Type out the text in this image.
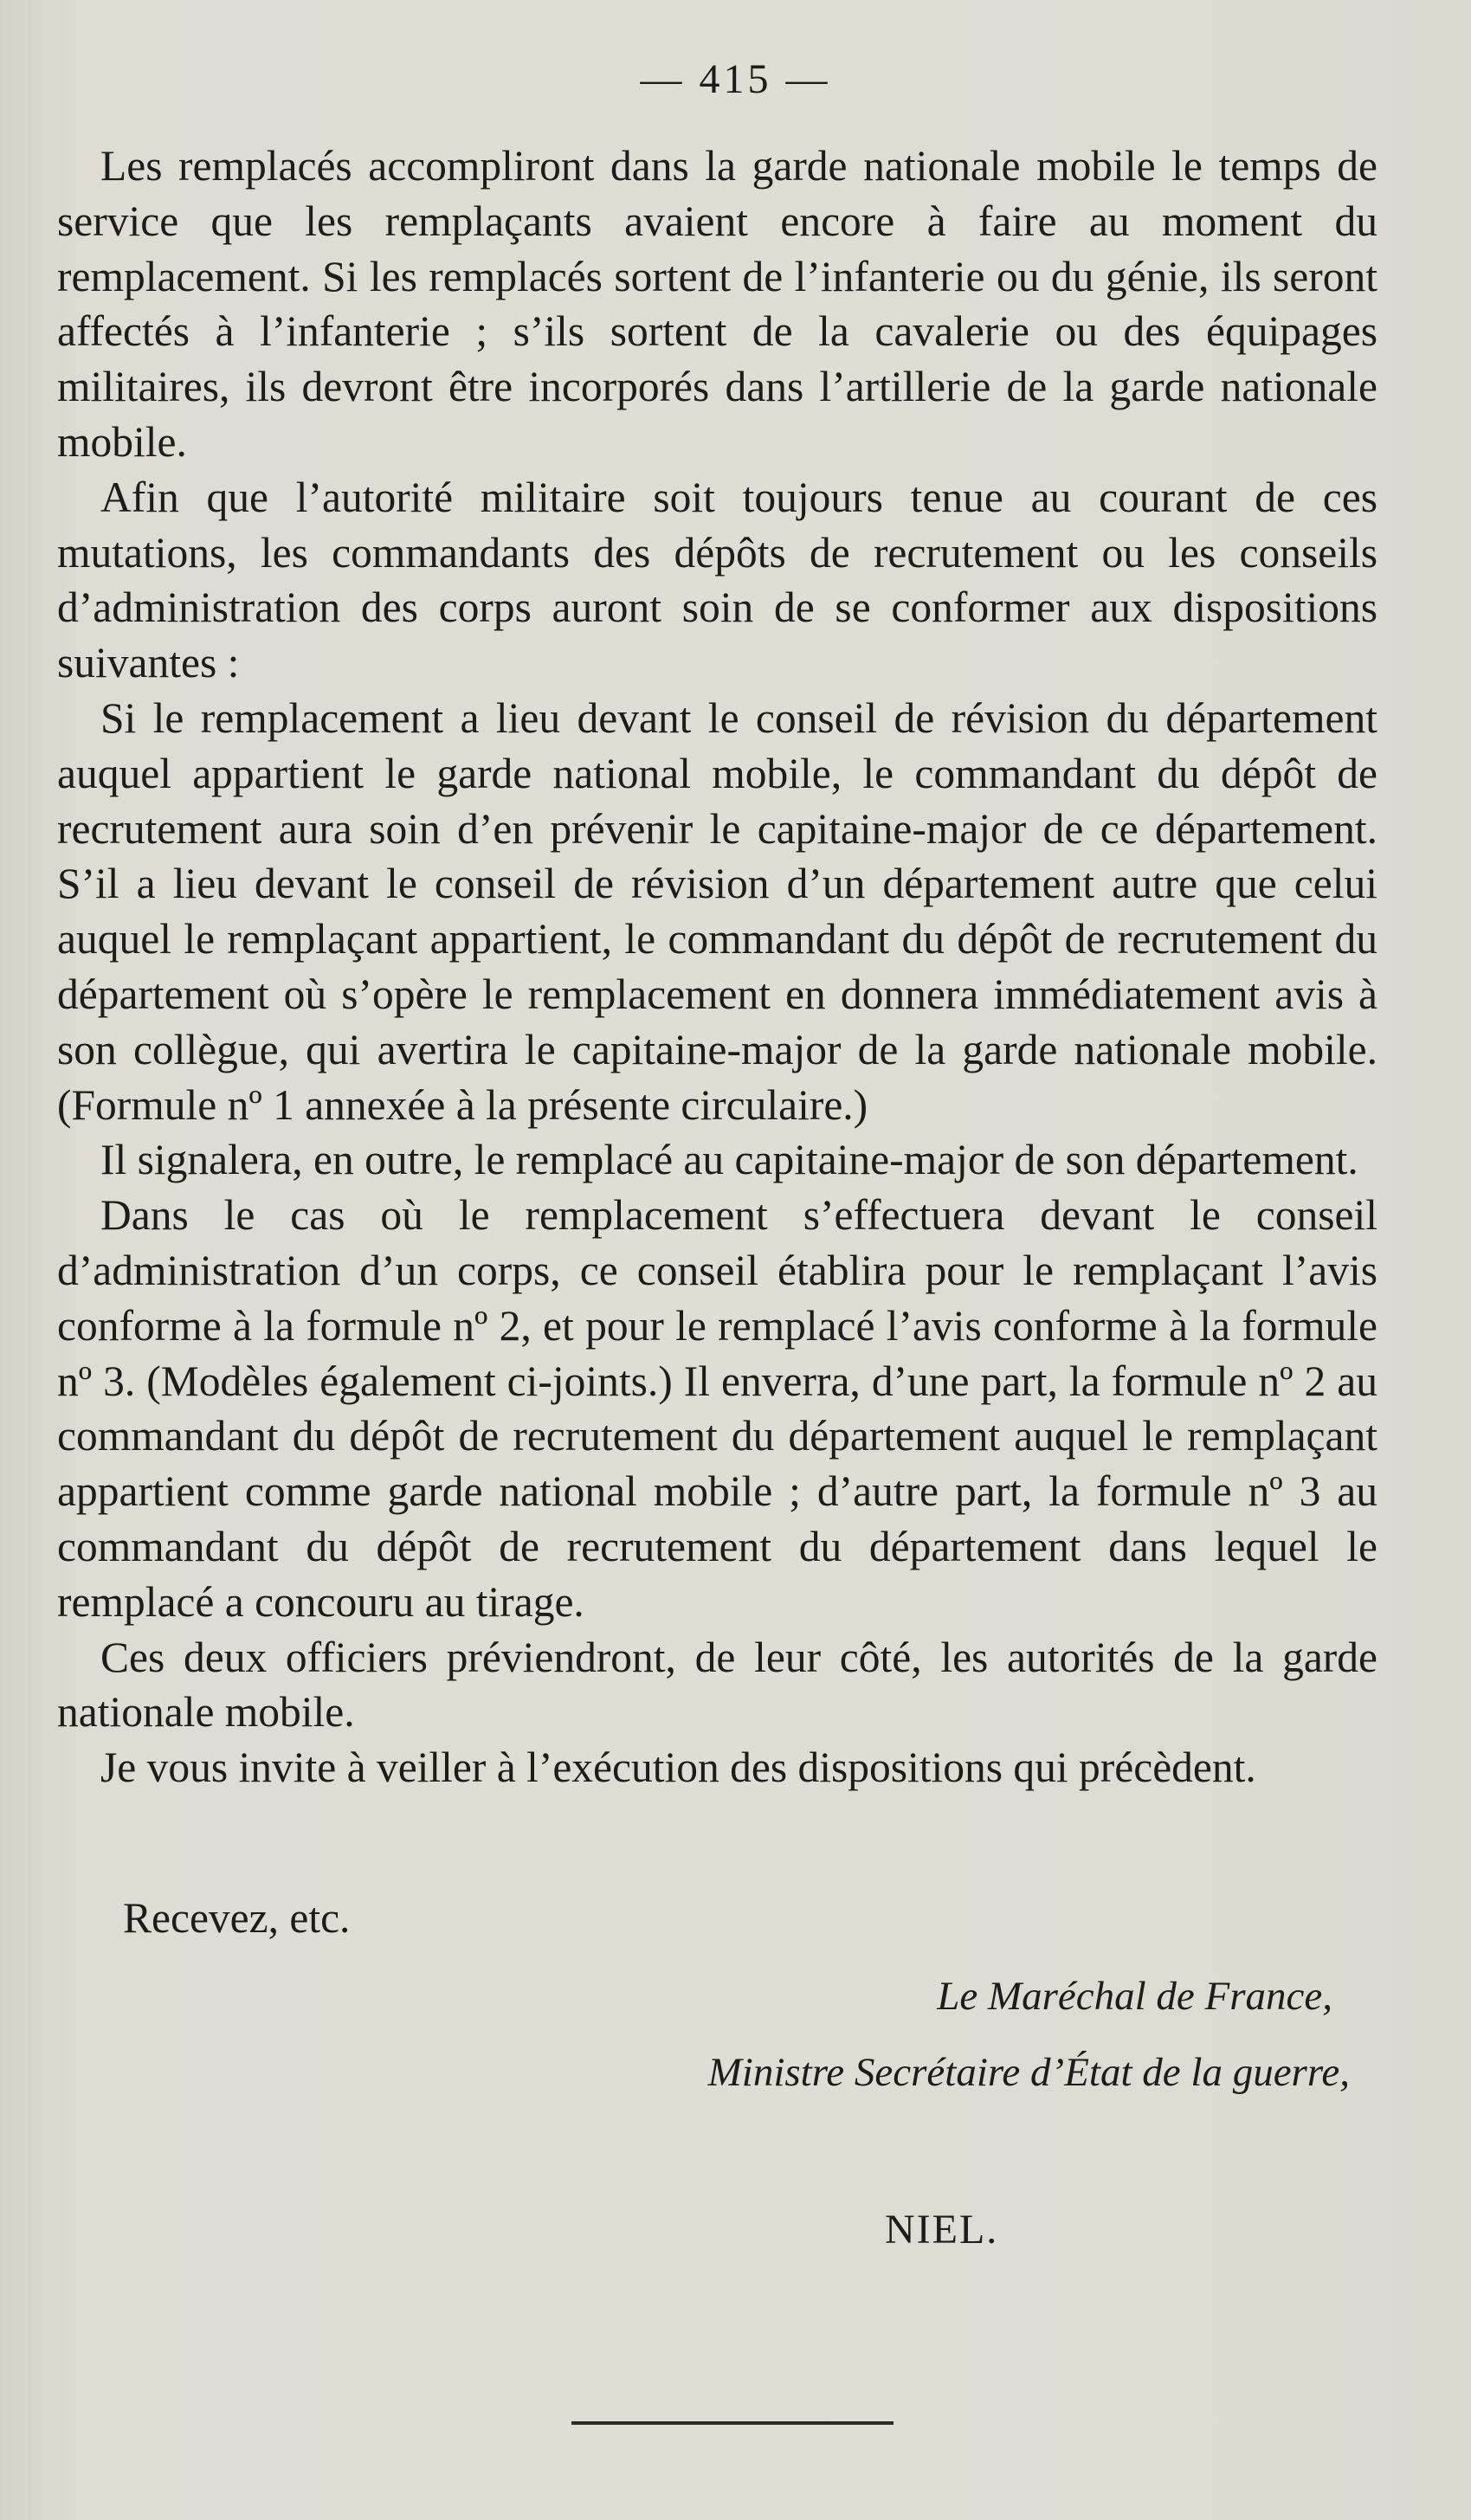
— 415 —

Les remplacés accompliront dans la garde nationale mobile le temps de service que les remplaçants avaient encore à faire au moment du remplacement. Si les remplacés sortent de l’infanterie ou du génie, ils seront affectés à l’infanterie ; s’ils sortent de la cavalerie ou des équipages militaires, ils devront être incorporés dans l’artillerie de la garde nationale mobile.

Afin que l’autorité militaire soit toujours tenue au courant de ces mutations, les commandants des dépôts de recrutement ou les conseils d’administration des corps auront soin de se conformer aux dispositions suivantes :

Si le remplacement a lieu devant le conseil de révision du département auquel appartient le garde national mobile, le commandant du dépôt de recrutement aura soin d’en prévenir le capitaine-major de ce département. S’il a lieu devant le conseil de révision d’un département autre que celui auquel le remplaçant appartient, le commandant du dépôt de recrutement du département où s’opère le remplacement en donnera immédiatement avis à son collègue, qui avertira le capitaine-major de la garde nationale mobile. (Formule nº 1 annexée à la présente circulaire.)

Il signalera, en outre, le remplacé au capitaine-major de son département.

Dans le cas où le remplacement s’effectuera devant le conseil d’administration d’un corps, ce conseil établira pour le remplaçant l’avis conforme à la formule nº 2, et pour le remplacé l’avis conforme à la formule nº 3. (Modèles également ci-joints.) Il enverra, d’une part, la formule nº 2 au commandant du dépôt de recrutement du département auquel le remplaçant appartient comme garde national mobile ; d’autre part, la formule nº 3 au commandant du dépôt de recrutement du département dans lequel le remplacé a concouru au tirage.

Ces deux officiers préviendront, de leur côté, les autorités de la garde nationale mobile.

Je vous invite à veiller à l’exécution des dispositions qui précèdent.

Recevez, etc.
Le Maréchal de France,
Ministre Secrétaire d’État de la guerre,
NIEL.
